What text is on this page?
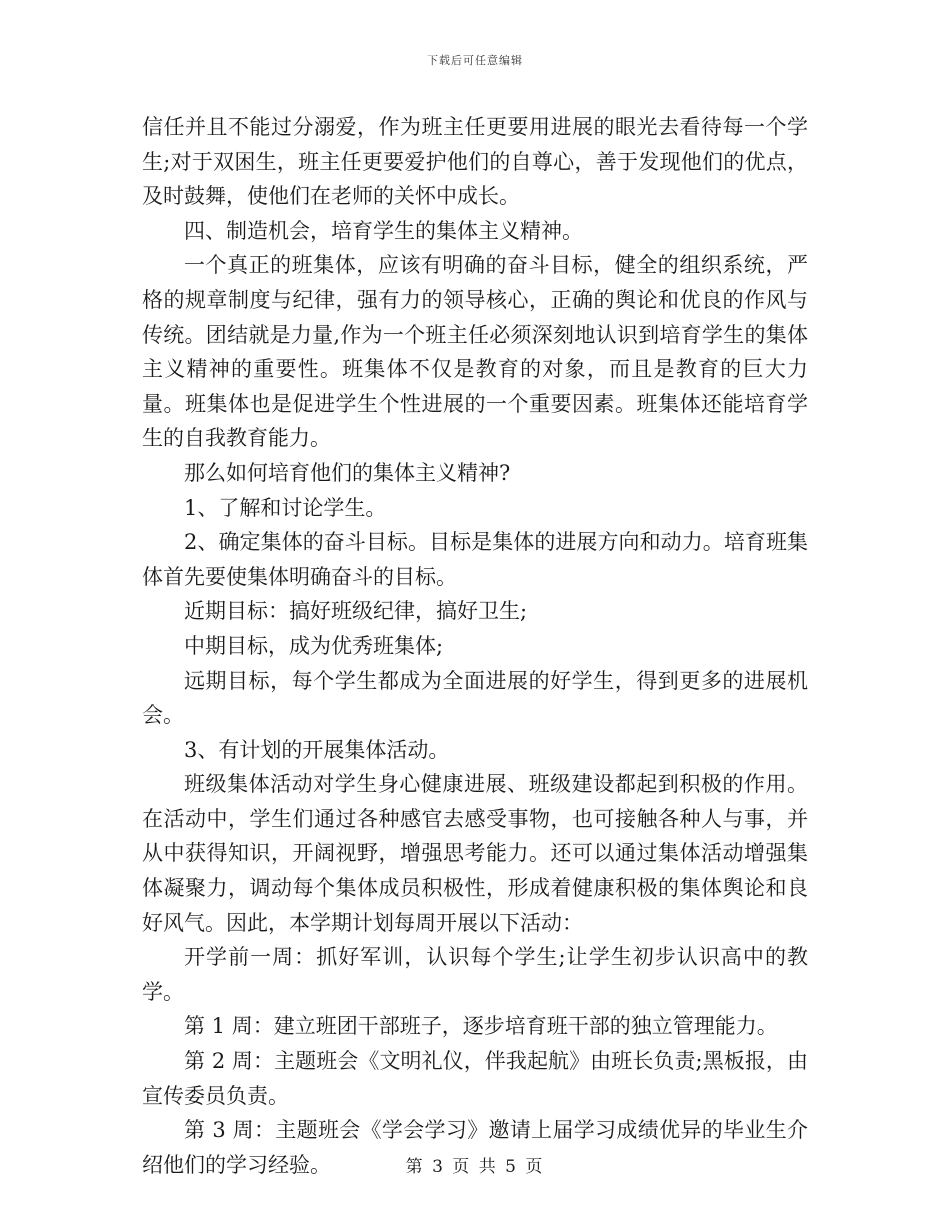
下载后可任意编辑

信任并且不能过分溺爱，作为班主任更要用进展的眼光去看待每一个学生;对于双困生，班主任更要爱护他们的自尊心，善于发现他们的优点，及时鼓舞，使他们在老师的关怀中成长。

四、制造机会，培育学生的集体主义精神。

一个真正的班集体，应该有明确的奋斗目标，健全的组织系统，严格的规章制度与纪律，强有力的领导核心，正确的舆论和优良的作风与传统。团结就是力量,作为一个班主任必须深刻地认识到培育学生的集体主义精神的重要性。班集体不仅是教育的对象，而且是教育的巨大力量。班集体也是促进学生个性进展的一个重要因素。班集体还能培育学生的自我教育能力。

那么如何培育他们的集体主义精神?

1、了解和讨论学生。

2、确定集体的奋斗目标。目标是集体的进展方向和动力。培育班集体首先要使集体明确奋斗的目标。

近期目标：搞好班级纪律，搞好卫生;

中期目标，成为优秀班集体;

远期目标，每个学生都成为全面进展的好学生，得到更多的进展机会。

3、有计划的开展集体活动。

班级集体活动对学生身心健康进展、班级建设都起到积极的作用。在活动中，学生们通过各种感官去感受事物，也可接触各种人与事，并从中获得知识，开阔视野，增强思考能力。还可以通过集体活动增强集体凝聚力，调动每个集体成员积极性，形成着健康积极的集体舆论和良好风气。因此，本学期计划每周开展以下活动：

开学前一周：抓好军训，认识每个学生;让学生初步认识高中的教学。

第 1 周：建立班团干部班子，逐步培育班干部的独立管理能力。

第 2 周：主题班会《文明礼仪，伴我起航》由班长负责;黑板报，由宣传委员负责。

第 3 周：主题班会《学会学习》邀请上届学习成绩优异的毕业生介绍他们的学习经验。	第 3 页 共 5 页
